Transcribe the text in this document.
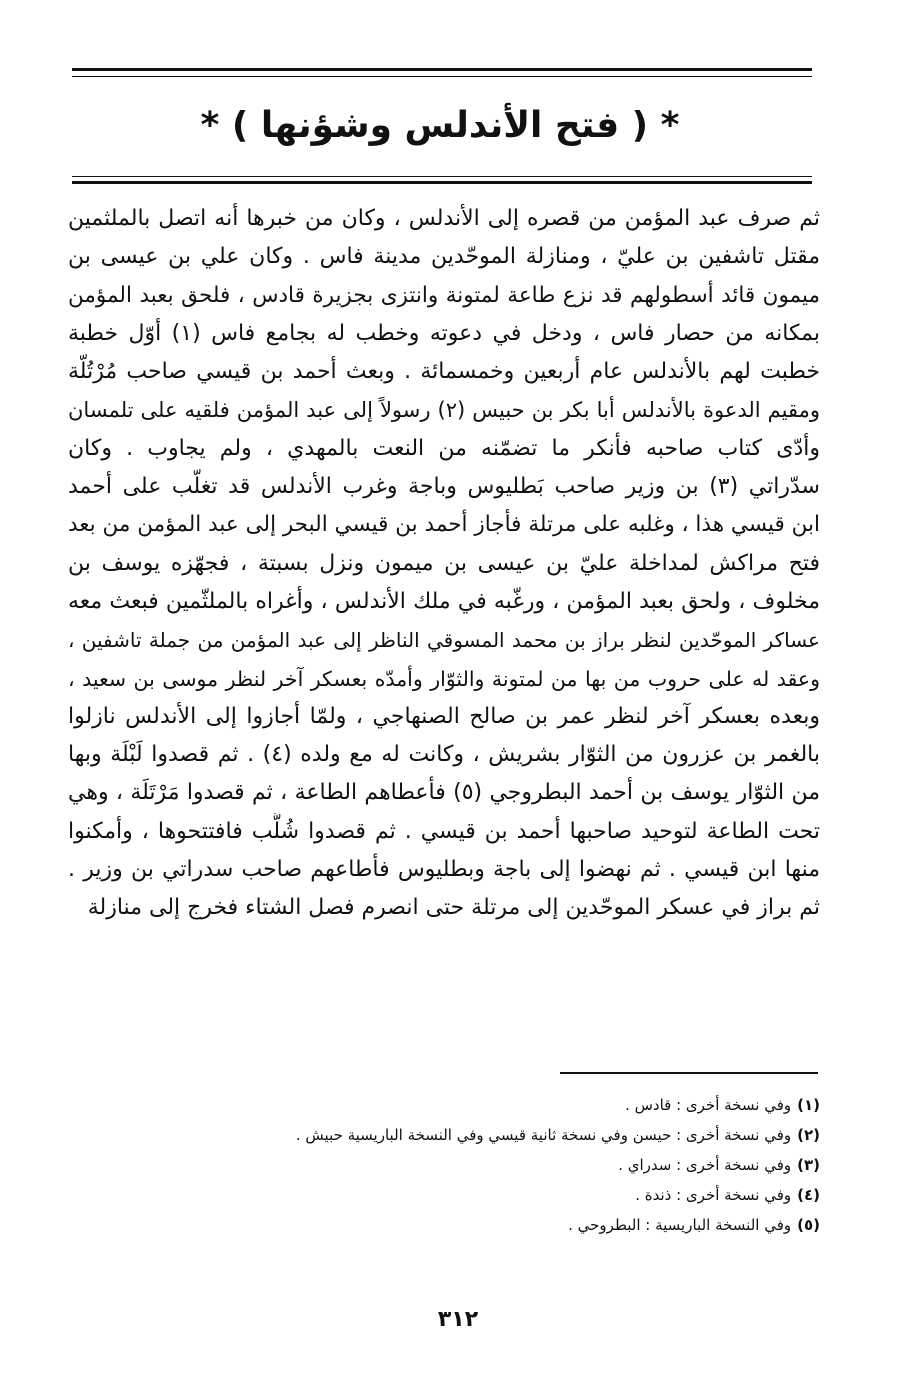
* ( فتح الأندلس وشؤنها ) *
ثم صرف عبد المؤمن من قصره إلى الأندلس ، وكان من خبرها أنه اتصل بالملثمين
مقتل تاشفين بن عليّ ، ومنازلة الموحّدين مدينة فاس . وكان علي بن عيسى بن
ميمون قائد أسطولهم قد نزع طاعة لمتونة وانتزى بجزيرة قادس ، فلحق بعبد المؤمن
بمكانه من حصار فاس ، ودخل في دعوته وخطب له بجامع فاس (١) أوّل خطبة
خطبت لهم بالأندلس عام أربعين وخمسمائة . وبعث أحمد بن قيسي صاحب مُرْتُلّة
ومقيم الدعوة بالأندلس أبا بكر بن حبيس (٢) رسولاً إلى عبد المؤمن فلقيه على تلمسان
وأدّى كتاب صاحبه فأنكر ما تضمّنه من النعت بالمهدي ، ولم يجاوب . وكان
سدّراتي (٣) بن وزير صاحب بَطليوس وباجة وغرب الأندلس قد تغلّب على أحمد
ابن قيسي هذا ، وغلبه على مرتلة فأجاز أحمد بن قيسي البحر إلى عبد المؤمن من بعد
فتح مراكش لمداخلة عليّ بن عيسى بن ميمون ونزل بسبتة ، فجهّزه يوسف بن
مخلوف ، ولحق بعبد المؤمن ، ورغّبه في ملك الأندلس ، وأغراه بالملثّمين فبعث معه
عساكر الموحّدين لنظر براز بن محمد المسوقي الناظر إلى عبد المؤمن من جملة تاشفين ،
وعقد له على حروب من بها من لمتونة والثوّار وأمدّه بعسكر آخر لنظر موسى بن سعيد ،
وبعده بعسكر آخر لنظر عمر بن صالح الصنهاجي ، ولمّا أجازوا إلى الأندلس نازلوا
بالغمر بن عزرون من الثوّار بشريش ، وكانت له مع ولده (٤) . ثم قصدوا لَبْلَة وبها
من الثوّار يوسف بن أحمد البطروجي (٥) فأعطاهم الطاعة ، ثم قصدوا مَرْتَلَة ، وهي
تحت الطاعة لتوحيد صاحبها أحمد بن قيسي . ثم قصدوا شُلُّب فافتتحوها ، وأمكنوا
منها ابن قيسي . ثم نهضوا إلى باجة وبطليوس فأطاعهم صاحب سدراتي بن وزير .
ثم براز في عسكر الموحّدين إلى مرتلة حتى انصرم فصل الشتاء فخرج إلى منازلة
(١)وفي نسخة أخرى : قادس .
(٢)وفي نسخة أخرى : حيسن وفي نسخة ثانية قيسي وفي النسخة الباريسية حبيش .
(٣)وفي نسخة أخرى : سدراي .
(٤)وفي نسخة أخرى : ذندة .
(٥)وفي النسخة الباريسية : البطروحي .
٣١٢
